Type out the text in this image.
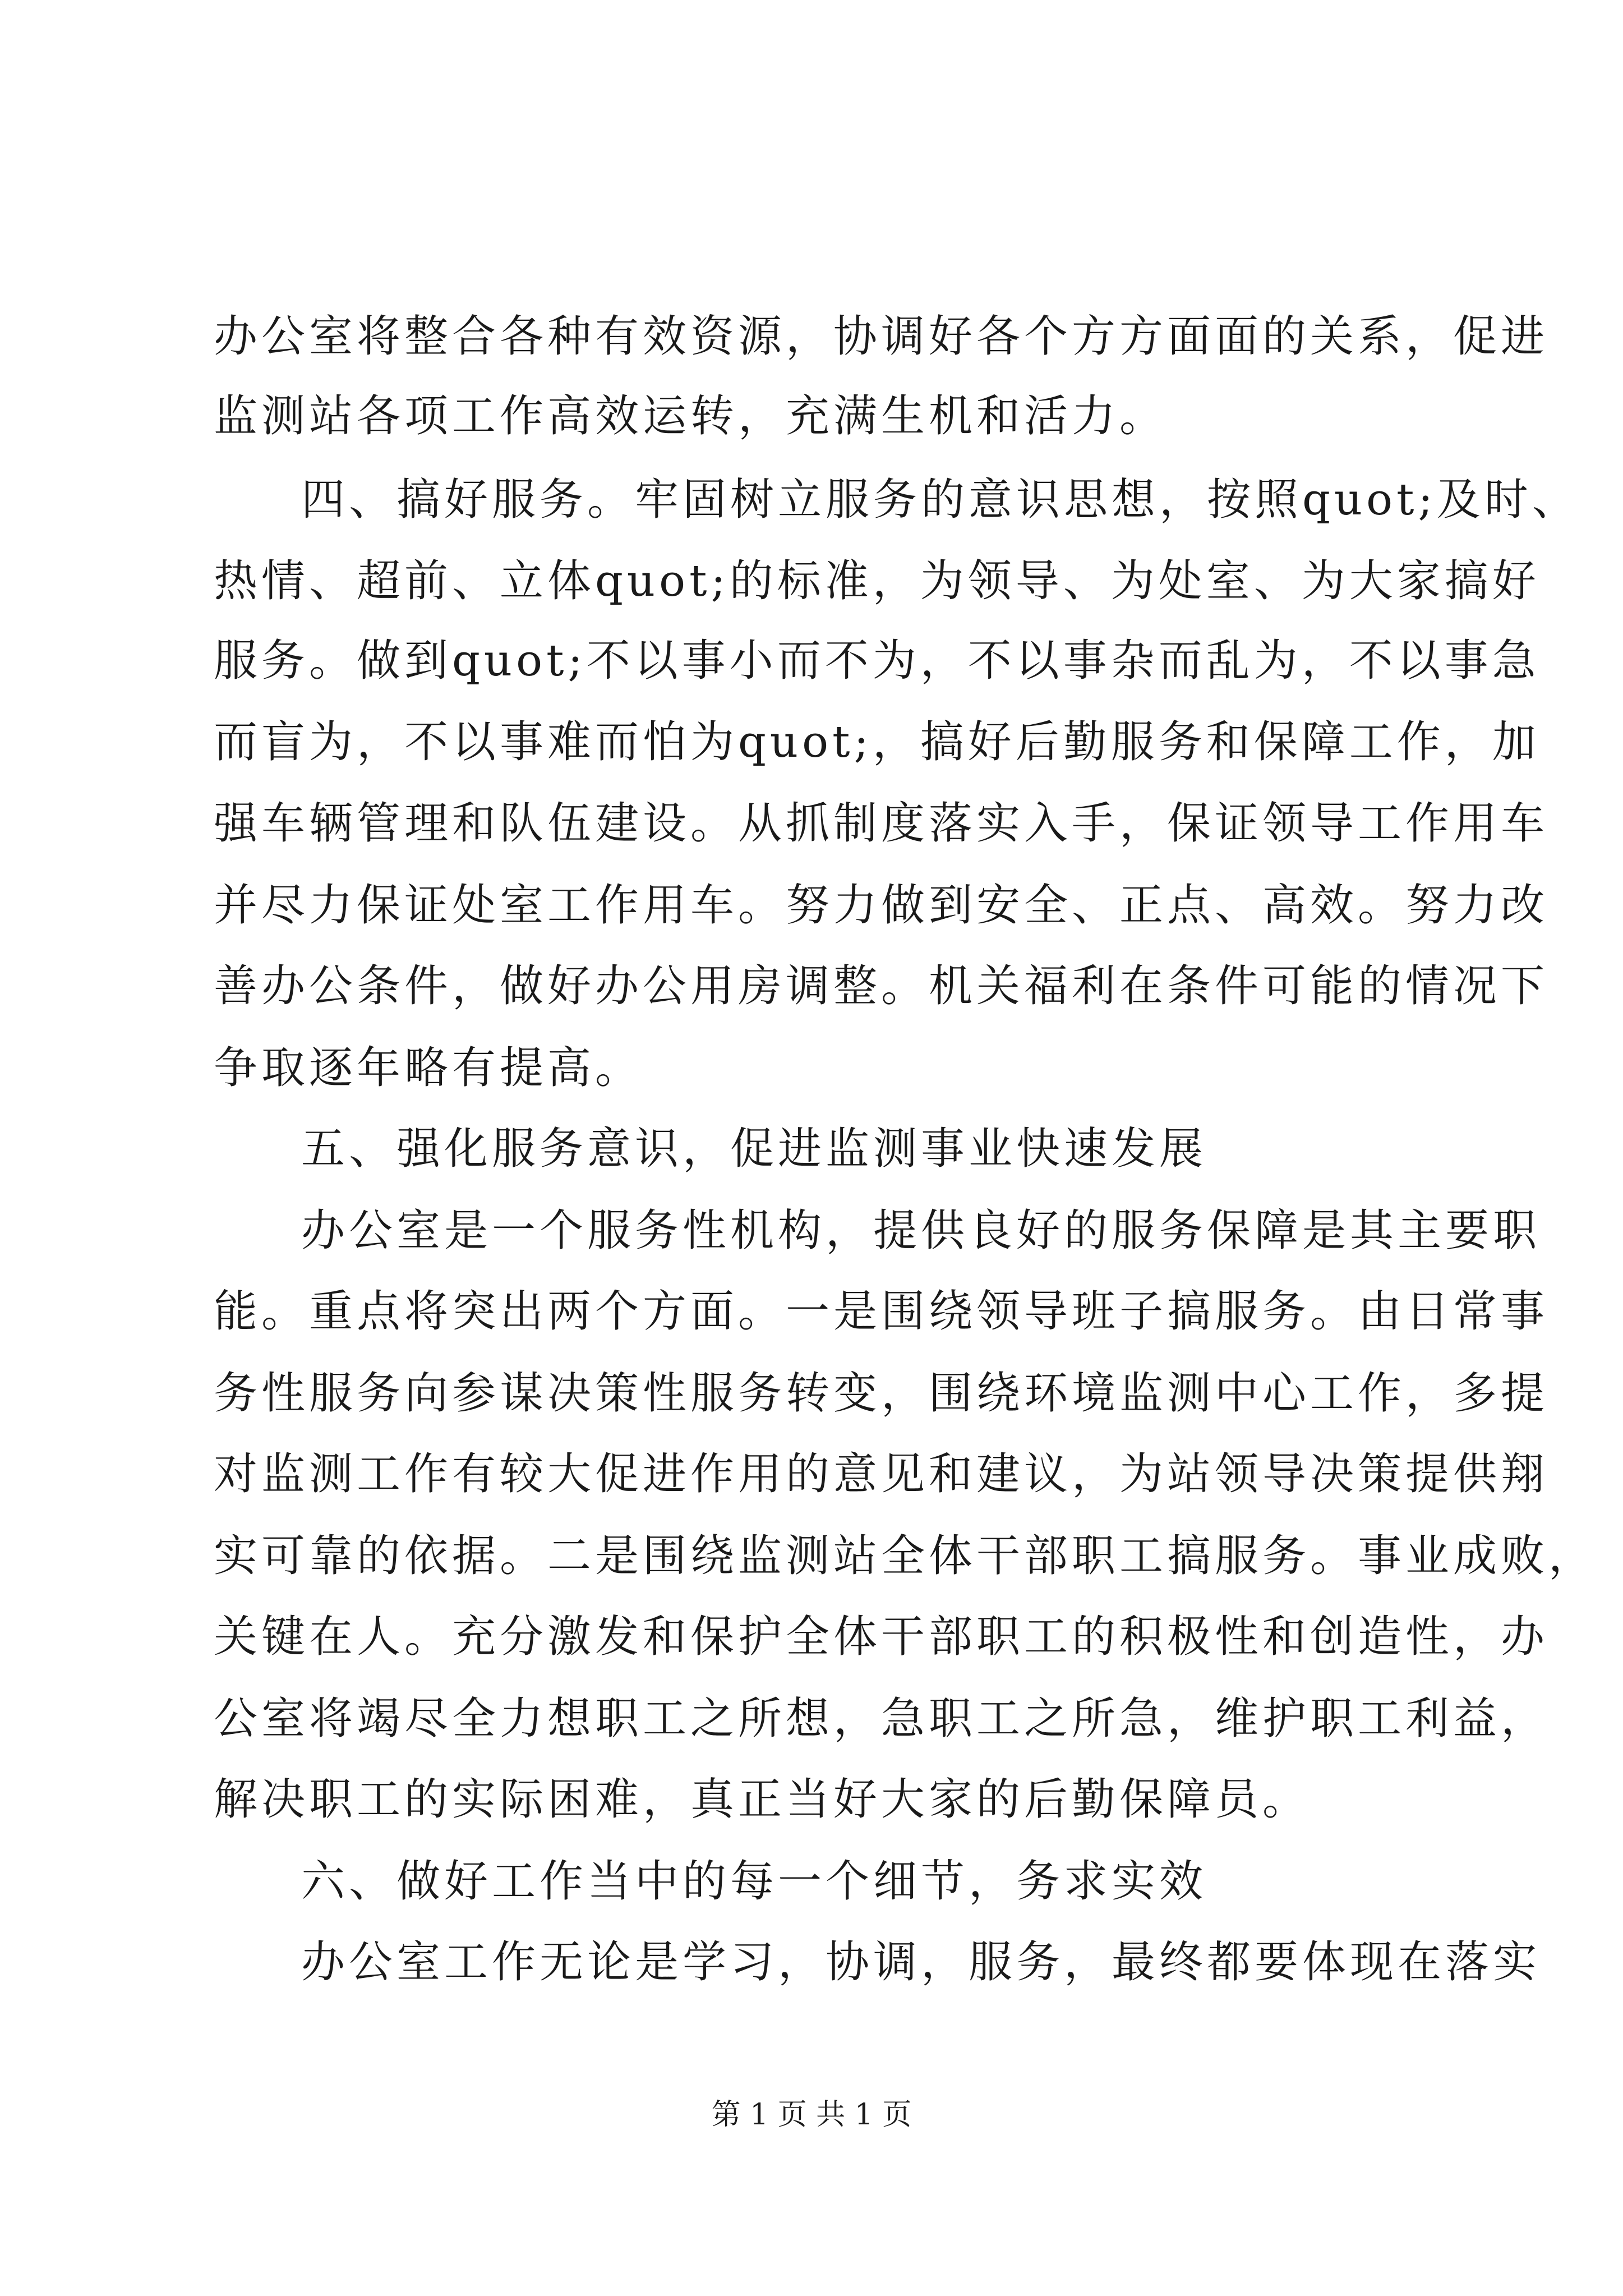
办公室将整合各种有效资源，协调好各个方方面面的关系，促进
监测站各项工作高效运转，充满生机和活力。
四、搞好服务。牢固树立服务的意识思想，按照quot;及时、
热情、超前、立体quot;的标准，为领导、为处室、为大家搞好
服务。做到quot;不以事小而不为，不以事杂而乱为，不以事急
而盲为，不以事难而怕为quot;，搞好后勤服务和保障工作，加
强车辆管理和队伍建设。从抓制度落实入手，保证领导工作用车
并尽力保证处室工作用车。努力做到安全、正点、高效。努力改
善办公条件，做好办公用房调整。机关福利在条件可能的情况下
争取逐年略有提高。
五、强化服务意识，促进监测事业快速发展
办公室是一个服务性机构，提供良好的服务保障是其主要职
能。重点将突出两个方面。一是围绕领导班子搞服务。由日常事
务性服务向参谋决策性服务转变，围绕环境监测中心工作，多提
对监测工作有较大促进作用的意见和建议，为站领导决策提供翔
实可靠的依据。二是围绕监测站全体干部职工搞服务。事业成败，
关键在人。充分激发和保护全体干部职工的积极性和创造性，办
公室将竭尽全力想职工之所想，急职工之所急，维护职工利益，
解决职工的实际困难，真正当好大家的后勤保障员。
六、做好工作当中的每一个细节，务求实效
办公室工作无论是学习，协调，服务，最终都要体现在落实
第 1 页 共 1 页
